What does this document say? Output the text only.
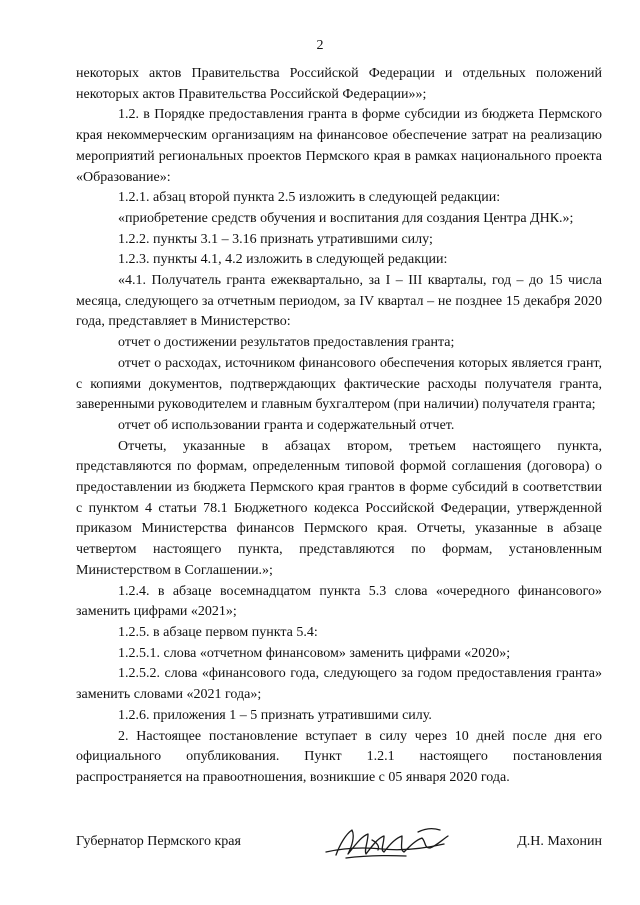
2

некоторых актов Правительства Российской Федерации и отдельных положений некоторых актов Правительства Российской Федерации»»;

1.2. в Порядке предоставления гранта в форме субсидии из бюджета Пермского края некоммерческим организациям на финансовое обеспечение затрат на реализацию мероприятий региональных проектов Пермского края в рамках национального проекта «Образование»:

1.2.1. абзац второй пункта 2.5 изложить в следующей редакции:

«приобретение средств обучения и воспитания для создания Центра ДНК.»;

1.2.2. пункты 3.1 – 3.16 признать утратившими силу;

1.2.3. пункты 4.1, 4.2 изложить в следующей редакции:

«4.1. Получатель гранта ежеквартально, за I – III кварталы, год – до 15 числа месяца, следующего за отчетным периодом, за IV квартал – не позднее 15 декабря 2020 года, представляет в Министерство:

отчет о достижении результатов предоставления гранта;

отчет о расходах, источником финансового обеспечения которых является грант, с копиями документов, подтверждающих фактические расходы получателя гранта, заверенными руководителем и главным бухгалтером (при наличии) получателя гранта;

отчет об использовании гранта и содержательный отчет.

Отчеты, указанные в абзацах втором, третьем настоящего пункта, представляются по формам, определенным типовой формой соглашения (договора) о предоставлении из бюджета Пермского края грантов в форме субсидий в соответствии с пунктом 4 статьи 78.1 Бюджетного кодекса Российской Федерации, утвержденной приказом Министерства финансов Пермского края. Отчеты, указанные в абзаце четвертом настоящего пункта, представляются по формам, установленным Министерством в Соглашении.»;

1.2.4. в абзаце восемнадцатом пункта 5.3 слова «очередного финансового» заменить цифрами «2021»;

1.2.5. в абзаце первом пункта 5.4:

1.2.5.1. слова «отчетном финансовом» заменить цифрами «2020»;

1.2.5.2. слова «финансового года, следующего за годом предоставления гранта» заменить словами «2021 года»;

1.2.6. приложения 1 – 5 признать утратившими силу.

2. Настоящее постановление вступает в силу через 10 дней после дня его официального опубликования. Пункт 1.2.1 настоящего постановления распространяется на правоотношения, возникшие с 05 января 2020 года.

Губернатор Пермского края	Д.Н. Махонин
